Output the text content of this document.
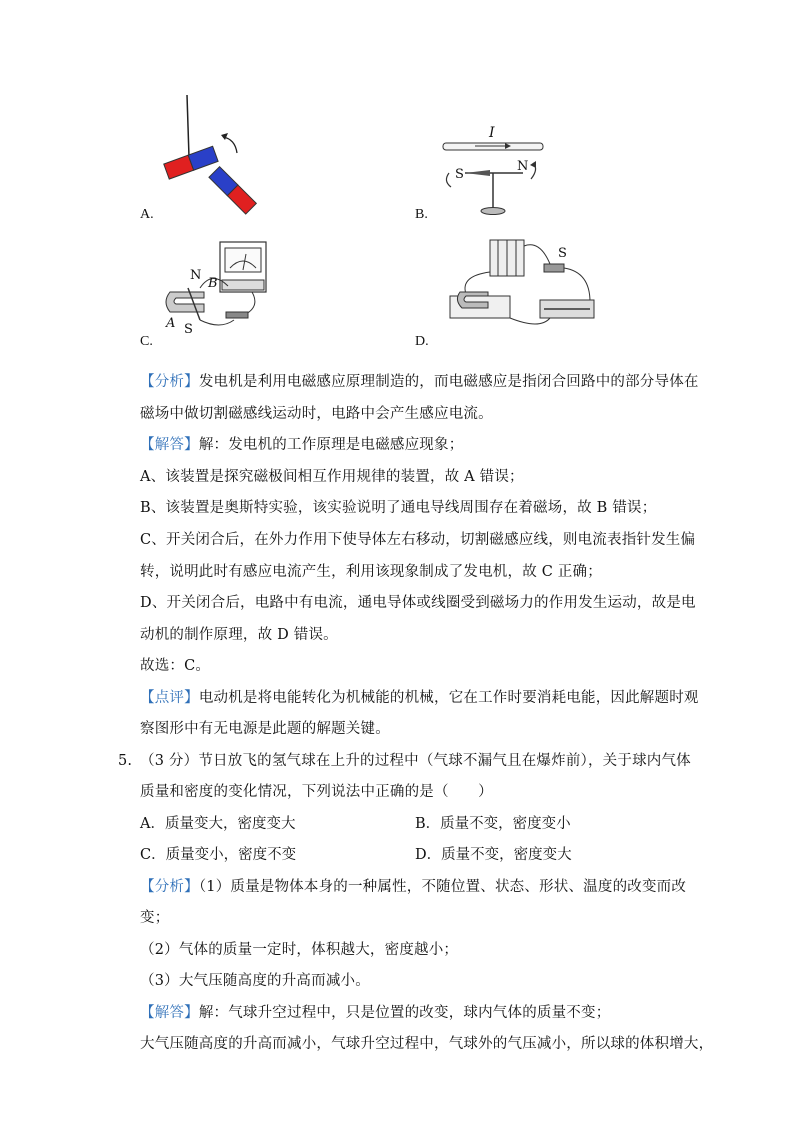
A.
I
S
N
B.
N
B
A S
C.
S
D.
【分析】发电机是利用电磁感应原理制造的，而电磁感应是指闭合回路中的部分导体在
磁场中做切割磁感线运动时，电路中会产生感应电流。
【解答】解：发电机的工作原理是电磁感应现象；
A、该装置是探究磁极间相互作用规律的装置，故 A 错误；
B、该装置是奥斯特实验，该实验说明了通电导线周围存在着磁场，故 B 错误；
C、开关闭合后，在外力作用下使导体左右移动，切割磁感应线，则电流表指针发生偏
转，说明此时有感应电流产生，利用该现象制成了发电机，故 C 正确；
D、开关闭合后，电路中有电流，通电导体或线圈受到磁场力的作用发生运动，故是电
动机的制作原理，故 D 错误。
故选：C。
【点评】电动机是将电能转化为机械能的机械，它在工作时要消耗电能，因此解题时观
察图形中有无电源是此题的解题关键。
5. （3 分）节日放飞的氢气球在上升的过程中（气球不漏气且在爆炸前），关于球内气体
质量和密度的变化情况，下列说法中正确的是（　　）
A．质量变大，密度变大	B．质量不变，密度变小
C．质量变小，密度不变	D．质量不变，密度变大
【分析】（1）质量是物体本身的一种属性，不随位置、状态、形状、温度的改变而改
变；
（2）气体的质量一定时，体积越大，密度越小；
（3）大气压随高度的升高而减小。
【解答】解：气球升空过程中，只是位置的改变，球内气体的质量不变；
大气压随高度的升高而减小，气球升空过程中，气球外的气压减小，所以球的体积增大，
